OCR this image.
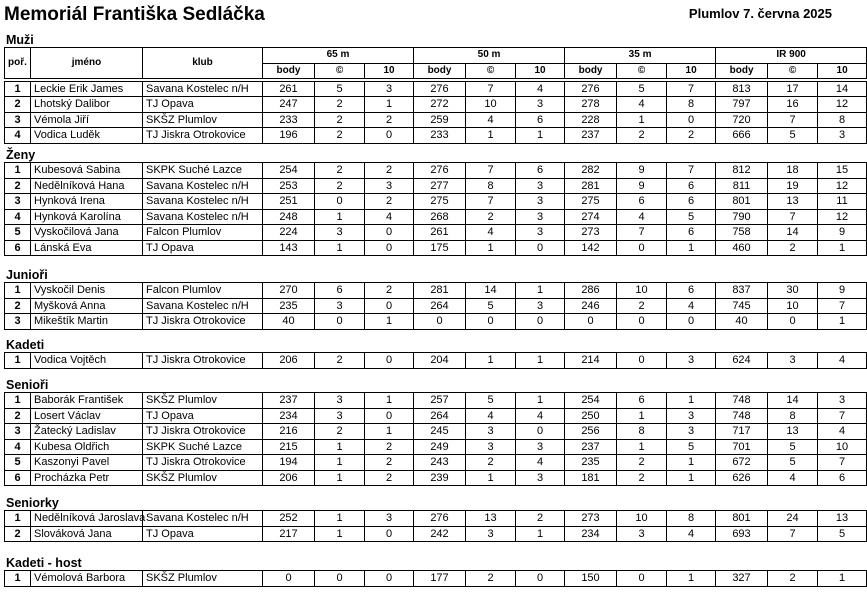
Memoriál Františka Sedláčka	Plumlov 7. června 2025
Muži
poř.	jméno	klub	65 m			50 m			35 m			IR 900		
			body	©	10	body	©	10	body	©	10	body	©	10
1	Leckie Erik James	Savana Kostelec n/H	261	5	3	276	7	4	276	5	7	813	17	14
2	Lhotský Dalibor	TJ Opava	247	2	1	272	10	3	278	4	8	797	16	12
3	Vémola Jiří	SKŠZ Plumlov	233	2	2	259	4	6	228	1	0	720	7	8
4	Vodica Luděk	TJ Jiskra Otrokovice	196	2	0	233	1	1	237	2	2	666	5	3
Ženy
1	Kubesová Sabina	SKPK Suché Lazce	254	2	2	276	7	6	282	9	7	812	18	15
2	Nedělníková Hana	Savana Kostelec n/H	253	2	3	277	8	3	281	9	6	811	19	12
3	Hynková Irena	Savana Kostelec n/H	251	0	2	275	7	3	275	6	6	801	13	11
4	Hynková Karolína	Savana Kostelec n/H	248	1	4	268	2	3	274	4	5	790	7	12
5	Vyskočilová Jana	Falcon Plumlov	224	3	0	261	4	3	273	7	6	758	14	9
6	Lánská Eva	TJ Opava	143	1	0	175	1	0	142	0	1	460	2	1
Junioři
1	Vyskočil Denis	Falcon Plumlov	270	6	2	281	14	1	286	10	6	837	30	9
2	Myšková Anna	Savana Kostelec n/H	235	3	0	264	5	3	246	2	4	745	10	7
3	Mikeštík Martin	TJ Jiskra Otrokovice	40	0	1	0	0	0	0	0	0	40	0	1
Kadeti
1	Vodica Vojtěch	TJ Jiskra Otrokovice	206	2	0	204	1	1	214	0	3	624	3	4
Senioři
1	Baborák František	SKŠZ Plumlov	237	3	1	257	5	1	254	6	1	748	14	3
2	Losert Václav	TJ Opava	234	3	0	264	4	4	250	1	3	748	8	7
3	Žatecký Ladislav	TJ Jiskra Otrokovice	216	2	1	245	3	0	256	8	3	717	13	4
4	Kubesa Oldřich	SKPK Suché Lazce	215	1	2	249	3	3	237	1	5	701	5	10
5	Kaszonyi Pavel	TJ Jiskra Otrokovice	194	1	2	243	2	4	235	2	1	672	5	7
6	Procházka Petr	SKŠZ Plumlov	206	1	2	239	1	3	181	2	1	626	4	6
Seniorky
1	Nedělníková Jaroslava	Savana Kostelec n/H	252	1	3	276	13	2	273	10	8	801	24	13
2	Slováková Jana	TJ Opava	217	1	0	242	3	1	234	3	4	693	7	5
Kadeti - host
1	Vémolová Barbora	SKŠZ Plumlov	0	0	0	177	2	0	150	0	1	327	2	1
